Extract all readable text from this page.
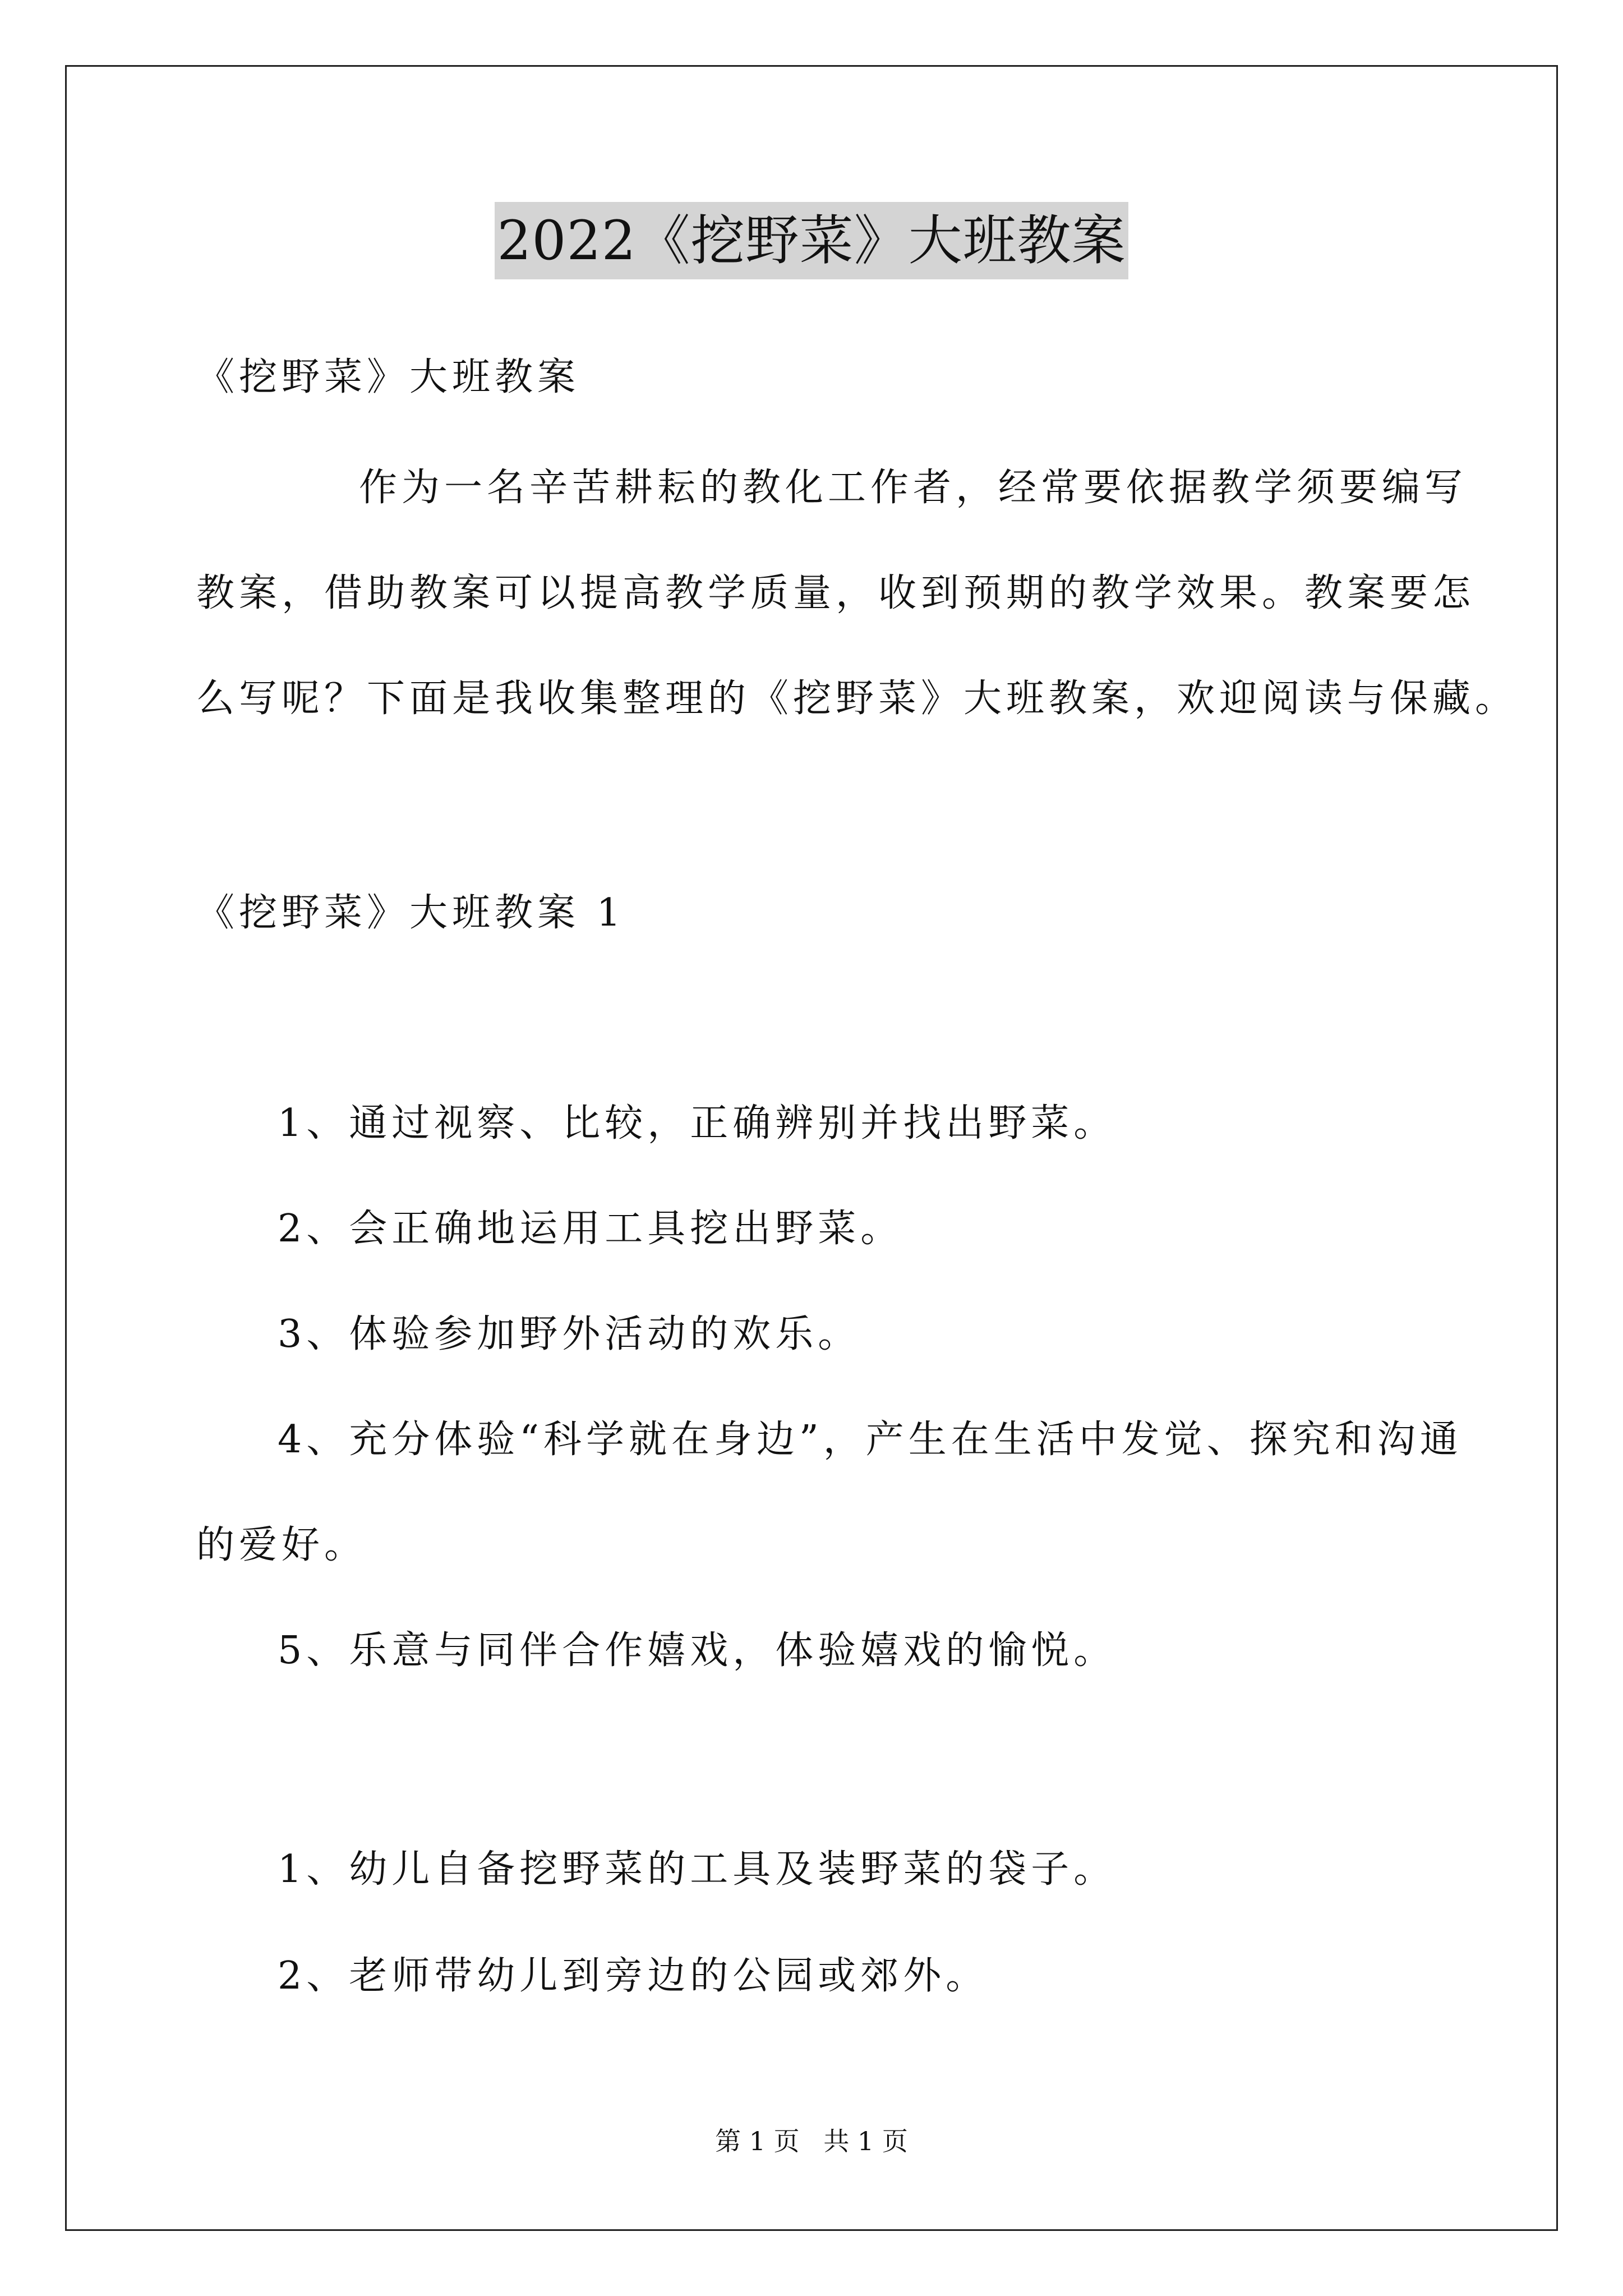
2022《挖野菜》大班教案
《挖野菜》大班教案
作为一名辛苦耕耘的教化工作者，经常要依据教学须要编写
教案，借助教案可以提高教学质量，收到预期的教学效果。教案要怎
么写呢？下面是我收集整理的《挖野菜》大班教案，欢迎阅读与保藏。
《挖野菜》大班教案 1
1、通过视察、比较，正确辨别并找出野菜。
2、会正确地运用工具挖出野菜。
3、体验参加野外活动的欢乐。
4、充分体验“科学就在身边”，产生在生活中发觉、探究和沟通
的爱好。
5、乐意与同伴合作嬉戏，体验嬉戏的愉悦。
1、幼儿自备挖野菜的工具及装野菜的袋子。
2、老师带幼儿到旁边的公园或郊外。
第 1 页 共 1 页
